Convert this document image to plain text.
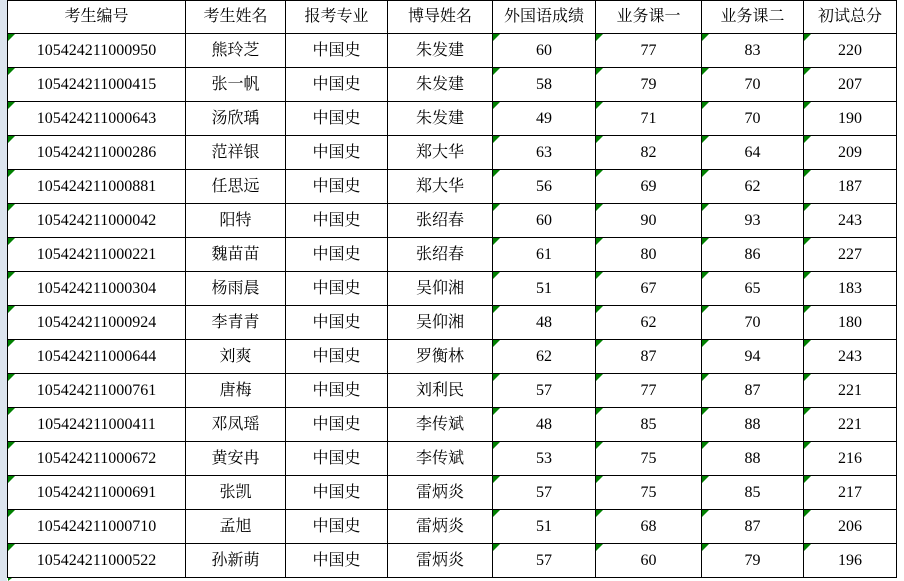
考生编号	考生姓名	报考专业	博导姓名	外国语成绩	业务课一	业务课二	初试总分

105424211000950	熊玲芝	中国史	朱发建	60	77	83	220

105424211000415	张一帆	中国史	朱发建	58	79	70	207

105424211000643	汤欣瑀	中国史	朱发建	49	71	70	190

105424211000286	范祥银	中国史	郑大华	63	82	64	209

105424211000881	任思远	中国史	郑大华	56	69	62	187

105424211000042	阳特	中国史	张绍春	60	90	93	243

105424211000221	魏苗苗	中国史	张绍春	61	80	86	227

105424211000304	杨雨晨	中国史	吴仰湘	51	67	65	183

105424211000924	李青青	中国史	吴仰湘	48	62	70	180

105424211000644	刘爽	中国史	罗衡林	62	87	94	243

105424211000761	唐梅	中国史	刘利民	57	77	87	221

105424211000411	邓凤瑶	中国史	李传斌	48	85	88	221

105424211000672	黄安冉	中国史	李传斌	53	75	88	216

105424211000691	张凯	中国史	雷炳炎	57	75	85	217

105424211000710	孟旭	中国史	雷炳炎	51	68	87	206

105424211000522	孙新萌	中国史	雷炳炎	57	60	79	196
